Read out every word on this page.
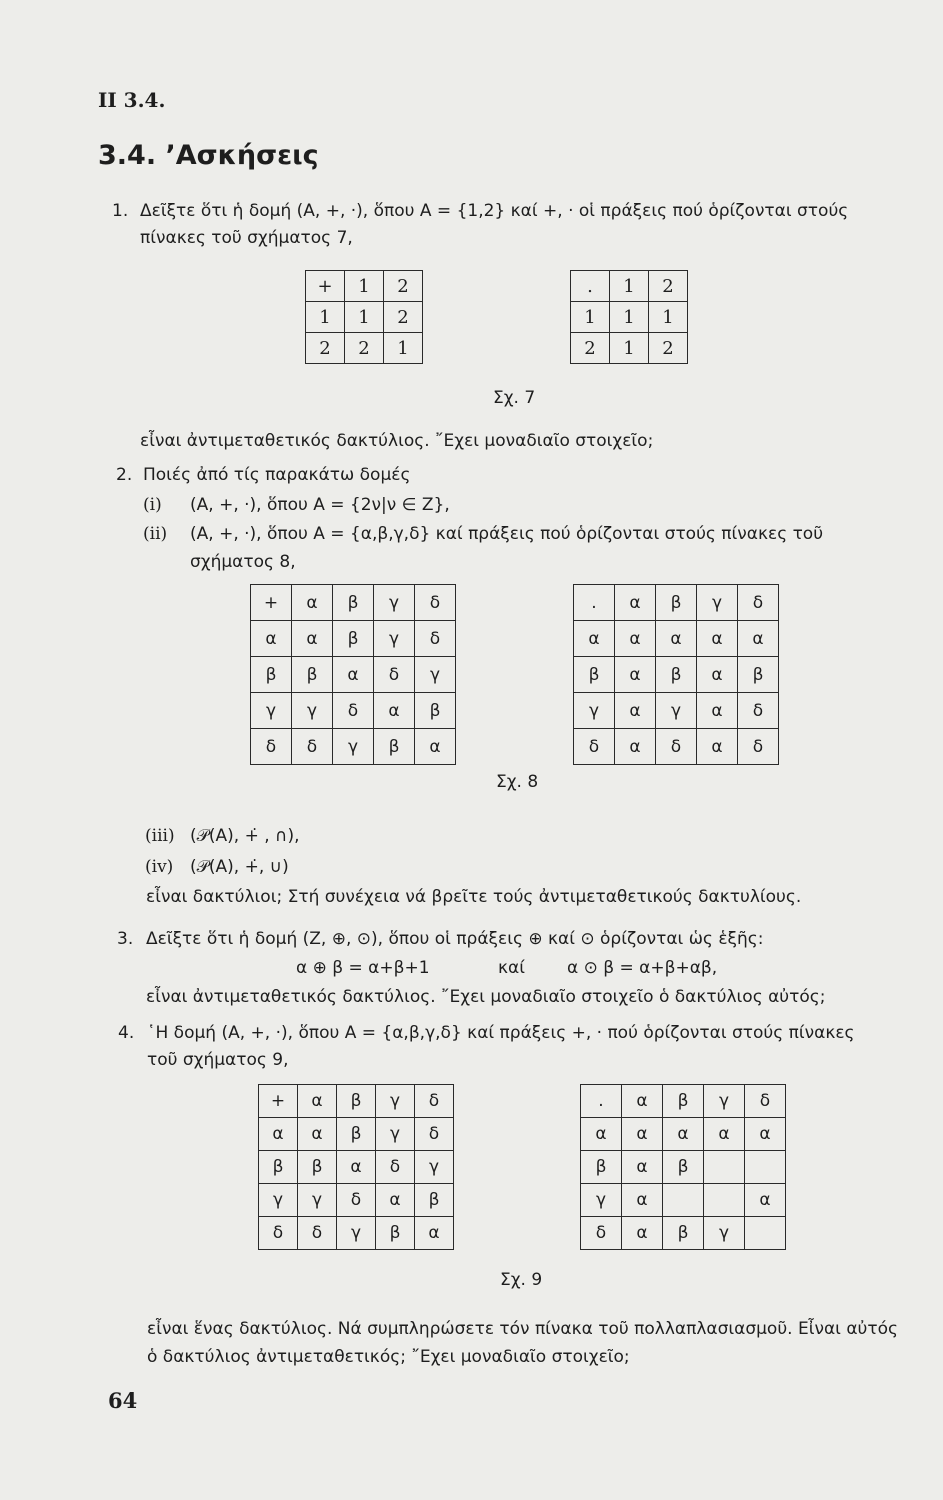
II 3.4.
3.4. ’Ασκήσεις
1. Δεῖξτε ὅτι ἡ δομή (A, +, ·), ὅπου A = {1,2} καί +, · οἱ πράξεις πού ὁρίζονται στούς
πίνακες τοῦ σχήματος 7,
+	1	2
1	1	2
2	2	1
.	1	2
1	1	1
2	1	2
Σχ. 7
εἶναι ἀντιμεταθετικός δακτύλιος. ῎Εχει μοναδιαῖο στοιχεῖο;
2. Ποιές ἀπό τίς παρακάτω δομές
(i) (A, +, ·), ὅπου A = {2ν|ν ∈ Z},
(ii) (A, +, ·), ὅπου A = {α,β,γ,δ} καί πράξεις πού ὁρίζονται στούς πίνακες τοῦ
σχήματος 8,
+	α	β	γ	δ
α	α	β	γ	δ
β	β	α	δ	γ
γ	γ	δ	α	β
δ	δ	γ	β	α
.	α	β	γ	δ
α	α	α	α	α
β	α	β	α	β
γ	α	γ	α	δ
δ	α	δ	α	δ
Σχ. 8
(iii) (𝒫(A), +̇ , ∩),
(iv) (𝒫(A), +̇, ∪)
εἶναι δακτύλιοι; Στή συνέχεια νά βρεῖτε τούς ἀντιμεταθετικούς δακτυλίους.
3. Δεῖξτε ὅτι ἡ δομή (Z, ⊕, ⊙), ὅπου οἱ πράξεις ⊕ καί ⊙ ὁρίζονται ὡς ἑξῆς:
α ⊕ β = α+β+1	καί α ⊙ β = α+β+αβ,
εἶναι ἀντιμεταθετικός δακτύλιος. ῎Εχει μοναδιαῖο στοιχεῖο ὁ δακτύλιος αὐτός;
4. ῾Η δομή (A, +, ·), ὅπου A = {α,β,γ,δ} καί πράξεις +, · πού ὁρίζονται στούς πίνακες
τοῦ σχήματος 9,
+	α	β	γ	δ
α	α	β	γ	δ
β	β	α	δ	γ
γ	γ	δ	α	β
δ	δ	γ	β	α
.	α	β	γ	δ
α	α	α	α	α
β	α	β		
γ	α			α
δ	α	β	γ	
Σχ. 9
εἶναι ἕνας δακτύλιος. Νά συμπληρώσετε τόν πίνακα τοῦ πολλαπλασιασμοῦ. Εἶναι αὐτός
ὁ δακτύλιος ἀντιμεταθετικός; ῎Εχει μοναδιαῖο στοιχεῖο;
64
